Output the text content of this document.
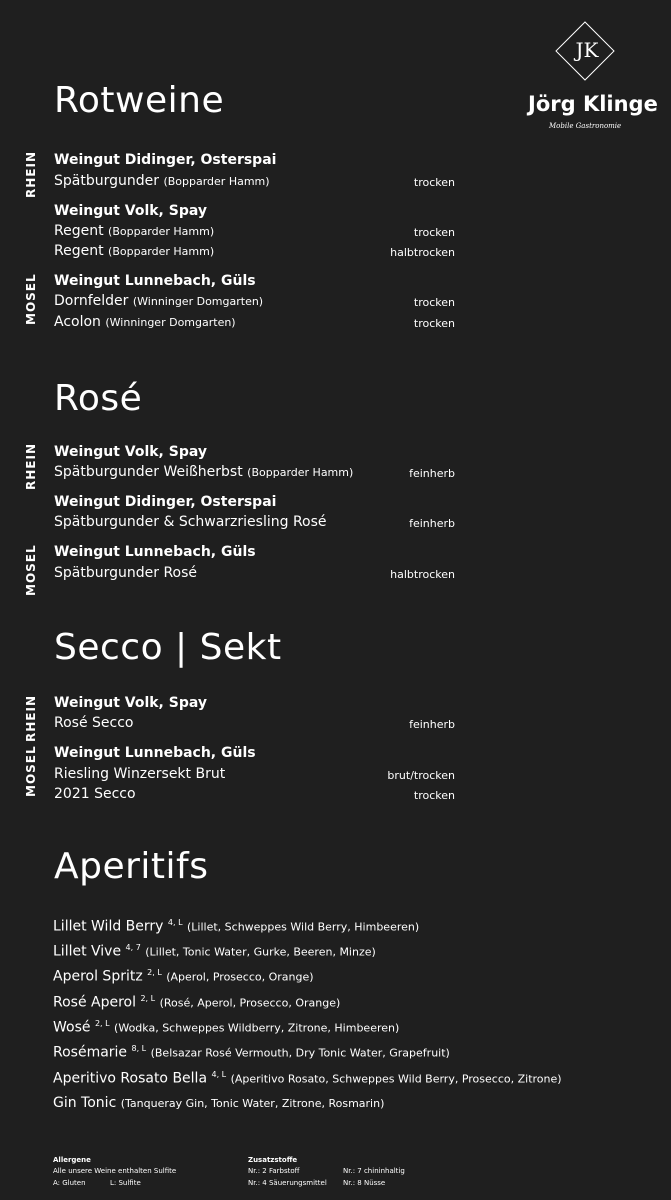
JK
Jörg Klinge
Mobile Gastronomie
Rotweine
RHEIN
MOSEL
Weingut Didinger, Osterspai
Spätburgunder (Bopparder Hamm)	trocken
Weingut Volk, Spay
Regent (Bopparder Hamm)	trocken
Regent (Bopparder Hamm)	halbtrocken
Weingut Lunnebach, Güls
Dornfelder (Winninger Domgarten)	trocken
Acolon (Winninger Domgarten)	trocken
Rosé
RHEIN
MOSEL
Weingut Volk, Spay
Spätburgunder Weißherbst (Bopparder Hamm)	feinherb
Weingut Didinger, Osterspai
Spätburgunder & Schwarzriesling Rosé	feinherb
Weingut Lunnebach, Güls
Spätburgunder Rosé	halbtrocken
Secco | Sekt
RHEIN
MOSEL
Weingut Volk, Spay
Rosé Secco	feinherb
Weingut Lunnebach, Güls
Riesling Winzersekt Brut	brut/trocken
2021 Secco	trocken
Aperitifs
Lillet Wild Berry $^{4, L}$ (Lillet, Schweppes Wild Berry, Himbeeren)
Lillet Vive $^{4, 7}$ (Lillet, Tonic Water, Gurke, Beeren, Minze)
Aperol Spritz $^{2, L}$ (Aperol, Prosecco, Orange)
Rosé Aperol $^{2, L}$ (Rosé, Aperol, Prosecco, Orange)
Wosé $^{2, L}$ (Wodka, Schweppes Wildberry, Zitrone, Himbeeren)
Rosémarie $^{8, L}$ (Belsazar Rosé Vermouth, Dry Tonic Water, Grapefruit)
Aperitivo Rosato Bella $^{4, L}$ (Aperitivo Rosato, Schweppes Wild Berry, Prosecco, Zitrone)
Gin Tonic (Tanqueray Gin, Tonic Water, Zitrone, Rosmarin)
Allergene
Alle unsere Weine enthalten Sulfite
A: Gluten	L: Sulfite
Zusatzstoffe
Nr.: 2 Farbstoff
Nr.: 4 Säuerungsmittel
Nr.: 7 chininhaltig
Nr.: 8 Nüsse
